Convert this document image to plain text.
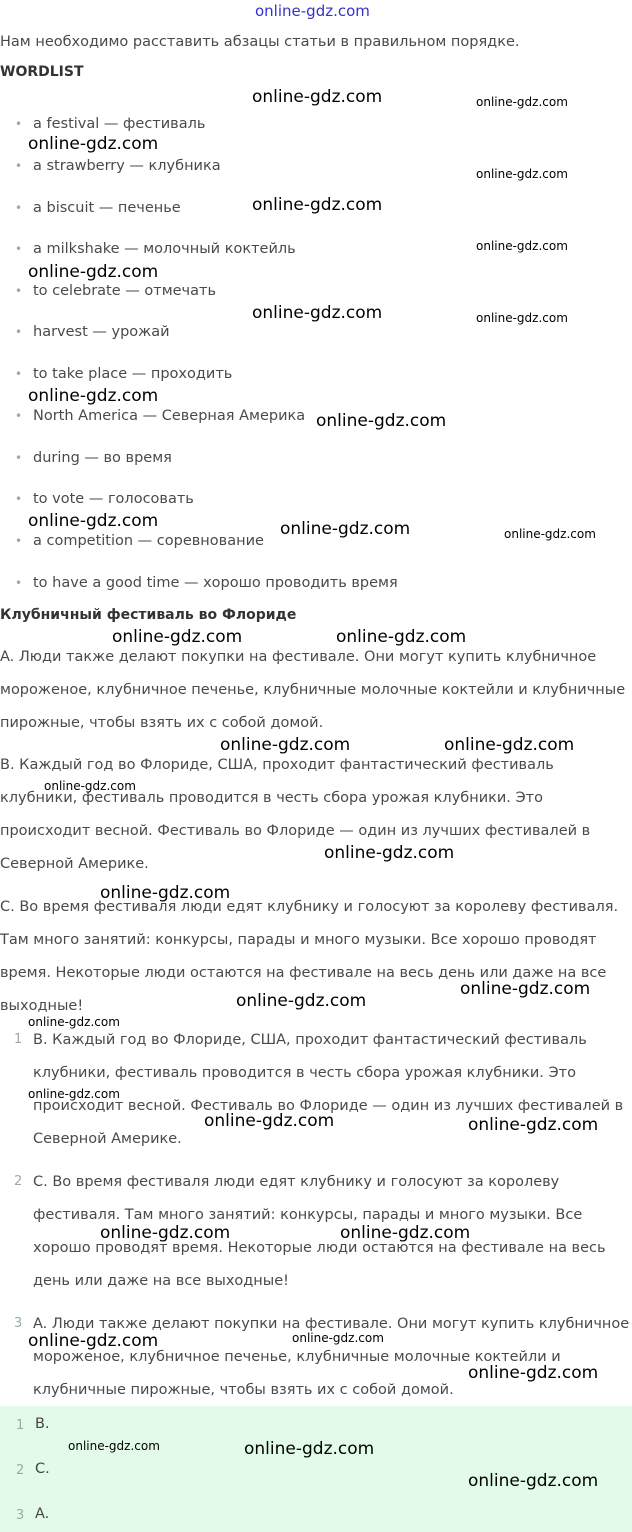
online-gdz.com
Нам необходимо расставить абзацы статьи в правильном порядке.
WORDLIST
• a festival — фестиваль
• a strawberry — клубника
• a biscuit — печенье
• a milkshake — молочный коктейль
• to celebrate — отмечать
• harvest — урожай
• to take place — проходить
• North America — Северная Америка
• during — во время
• to vote — голосовать
• a competition — соревнование
• to have a good time — хорошо проводить время
Клубничный фестиваль во Флориде
A. Люди также делают покупки на фестивале. Они могут купить клубничное мороженое, клубничное печенье, клубничные молочные коктейли и клубничные пирожные, чтобы взять их с собой домой.
B. Каждый год во Флориде, США, проходит фантастический фестиваль клубники, фестиваль проводится в честь сбора урожая клубники. Это происходит весной. Фестиваль во Флориде — один из лучших фестивалей в Северной Америке.
C. Во время фестиваля люди едят клубнику и голосуют за королеву фестиваля. Там много занятий: конкурсы, парады и много музыки. Все хорошо проводят время. Некоторые люди остаются на фестивале на весь день или даже на все выходные!
1 B. Каждый год во Флориде, США, проходит фантастический фестиваль клубники, фестиваль проводится в честь сбора урожая клубники. Это происходит весной. Фестиваль во Флориде — один из лучших фестивалей в Северной Америке.
2 C. Во время фестиваля люди едят клубнику и голосуют за королеву фестиваля. Там много занятий: конкурсы, парады и много музыки. Все хорошо проводят время. Некоторые люди остаются на фестивале на весь день или даже на все выходные!
3 A. Люди также делают покупки на фестивале. Они могут купить клубничное мороженое, клубничное печенье, клубничные молочные коктейли и клубничные пирожные, чтобы взять их с собой домой.
1 B.
2 C.
3 A.
online-gdz.com	online-gdz.com
online-gdz.com
online-gdz.com
online-gdz.com
online-gdz.com
online-gdz.com
online-gdz.com	online-gdz.com
online-gdz.com
online-gdz.com
online-gdz.com	online-gdz.com	online-gdz.com
online-gdz.com	online-gdz.com
online-gdz.com	online-gdz.com
online-gdz.com
online-gdz.com
online-gdz.com
online-gdz.com
online-gdz.com
online-gdz.com
online-gdz.com
online-gdz.com	online-gdz.com
online-gdz.com	online-gdz.com
online-gdz.com	online-gdz.com
online-gdz.com
online-gdz.com	online-gdz.com
online-gdz.com
